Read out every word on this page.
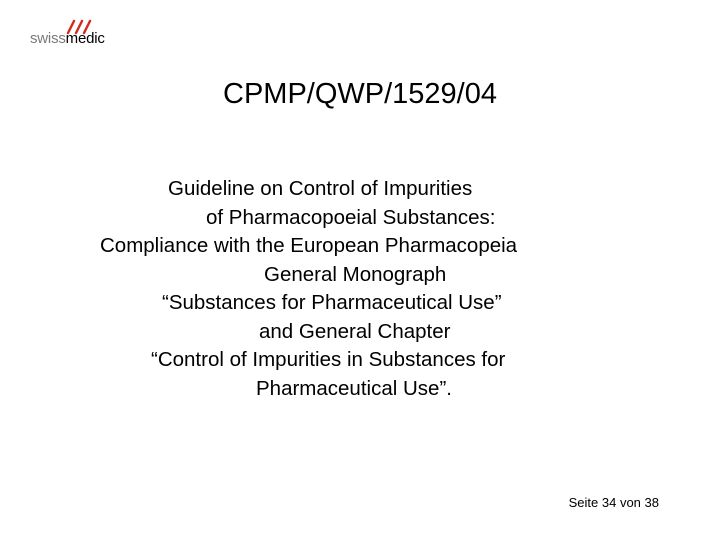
swissmedic
CPMP/QWP/1529/04
Guideline on Control of Impurities
of Pharmacopoeial Substances:
Compliance with the European Pharmacopeia
General Monograph
“Substances for Pharmaceutical Use”
and General Chapter
“Control of Impurities in Substances for
Pharmaceutical Use”.
Seite 34 von 38
